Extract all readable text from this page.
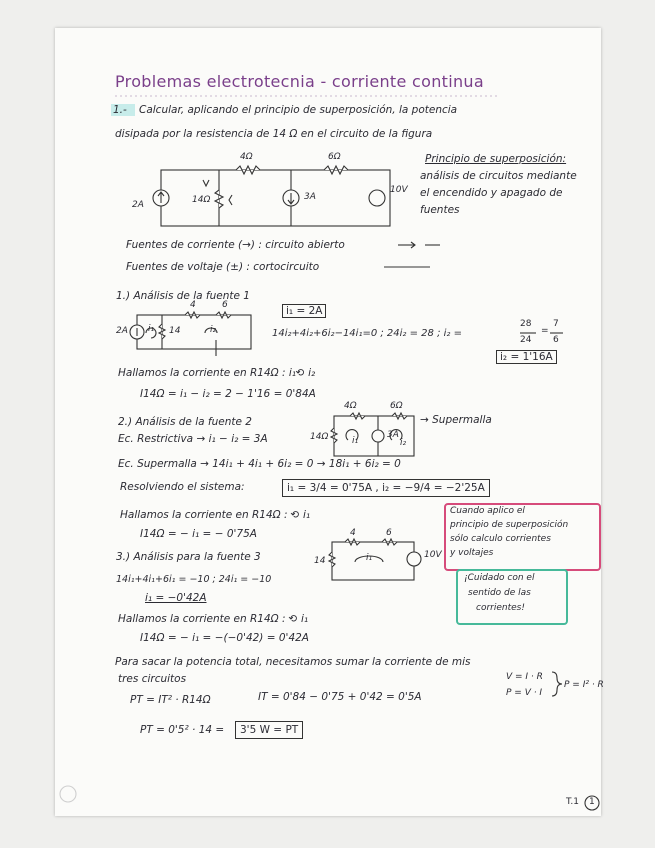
Problemas electrotecnia - corriente continua
1.- Calcular, aplicando el principio de superposición, la potencia
disipada por la resistencia de 14 Ω en el circuito de la figura
Principio de superposición:
análisis de circuitos mediante
el encendido y apagado de
fuentes
4Ω	6Ω
2A	14Ω	3A
10V
Fuentes de corriente (→) : circuito abierto
Fuentes de voltaje (±) : cortocircuito
1.) Análisis de la fuente 1
i₁ = 2A
2A i₁ 14	i₂
4	6
14i₂+4i₂+6i₂−14i₁=0 ; 24i₂ = 28 ; i₂ =
28
24
=
7
6
i₂ = 1'16A
Hallamos la corriente en R14Ω : i₁⟲ i₂
I14Ω = i₁ − i₂ = 2 − 1'16 = 0'84A
2.) Análisis de la fuente 2
4Ω	6Ω
14Ω	i₁
3A
i₂
→ Supermalla
Ec. Restrictiva → i₁ − i₂ = 3A
Ec. Supermalla → 14i₁ + 4i₁ + 6i₂ = 0 → 18i₁ + 6i₂ = 0
Resolviendo el sistema:	i₁ = 3/4 = 0'75A , i₂ = −9/4 = −2'25A
Hallamos la corriente en R14Ω : ⟲ i₁
I14Ω = − i₁ = − 0'75A
Cuando aplico el
principio de superposición
sólo calculo corrientes
y voltajes
3.) Análisis para la fuente 3
4	6
14	i₁	10V
14i₁+4i₁+6i₁ = −10 ; 24i₁ = −10
i₁ = −0'42A
¡Cuidado con el
sentido de las
corrientes!
Hallamos la corriente en R14Ω : ⟲ i₁
I14Ω = − i₁ = −(−0'42) = 0'42A
Para sacar la potencia total, necesitamos sumar la corriente de mis
tres circuitos
PT = IT² · R14Ω	IT = 0'84 − 0'75 + 0'42 = 0'5A
V = I · R
P = V · I
P = I² · R
PT = 0'5² · 14 =	3'5 W = PT
T.1 1
